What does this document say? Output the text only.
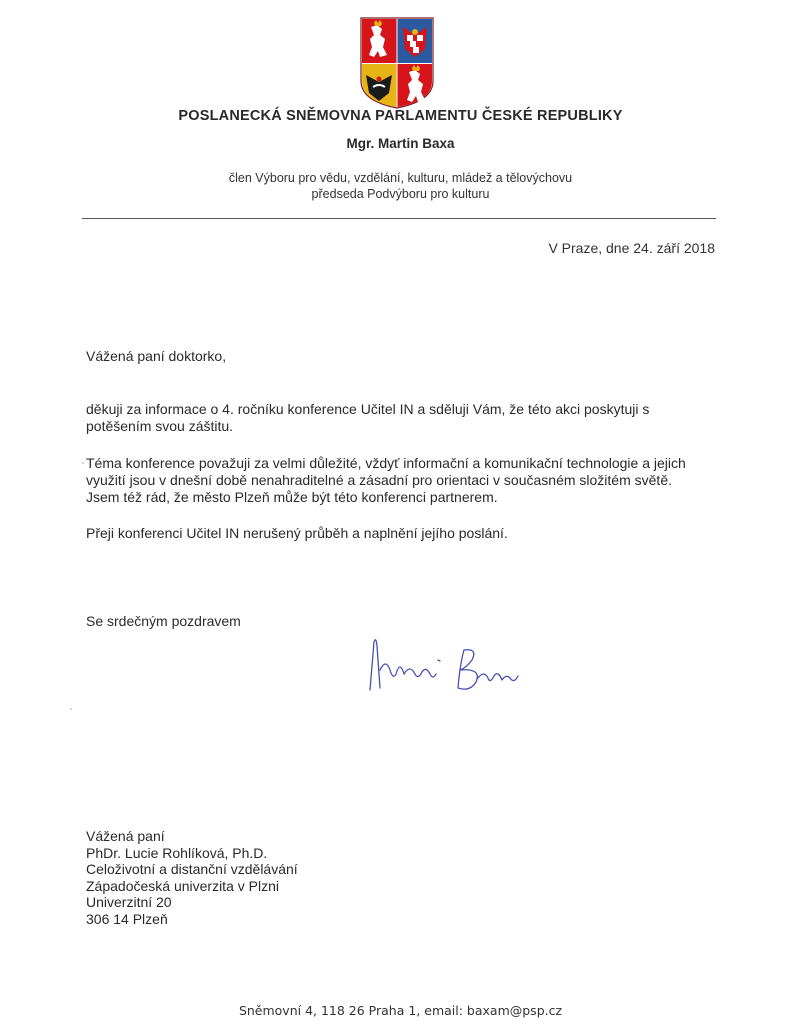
POSLANECKÁ SNĚMOVNA PARLAMENTU ČESKÉ REPUBLIKY
Mgr. Martin Baxa
člen Výboru pro vědu, vzdělání, kulturu, mládež a tělovýchovu
předseda Podvýboru pro kulturu
V Praze, dne 24. září 2018
Vážená paní doktorko,
děkuji za informace o 4. ročníku konference Učitel IN a sděluji Vám, že této akci poskytuji s potěšením svou záštitu.
Téma konference považuji za velmi důležité, vždyť informační a komunikační technologie a jejich využití jsou v dnešní době nenahraditelné a zásadní pro orientaci v současném složitém světě. Jsem též rád, že město Plzeň může být této konferenci partnerem.
Přeji konferenci Učitel IN nerušený průběh a naplnění jejího poslání.
Se srdečným pozdravem
Vážená paní
PhDr. Lucie Rohlíková, Ph.D.
Celoživotní a distanční vzdělávání
Západočeská univerzita v Plzni
Univerzitní 20
306 14 Plzeň
Sněmovní 4, 118 26 Praha 1, email: baxam@psp.cz
